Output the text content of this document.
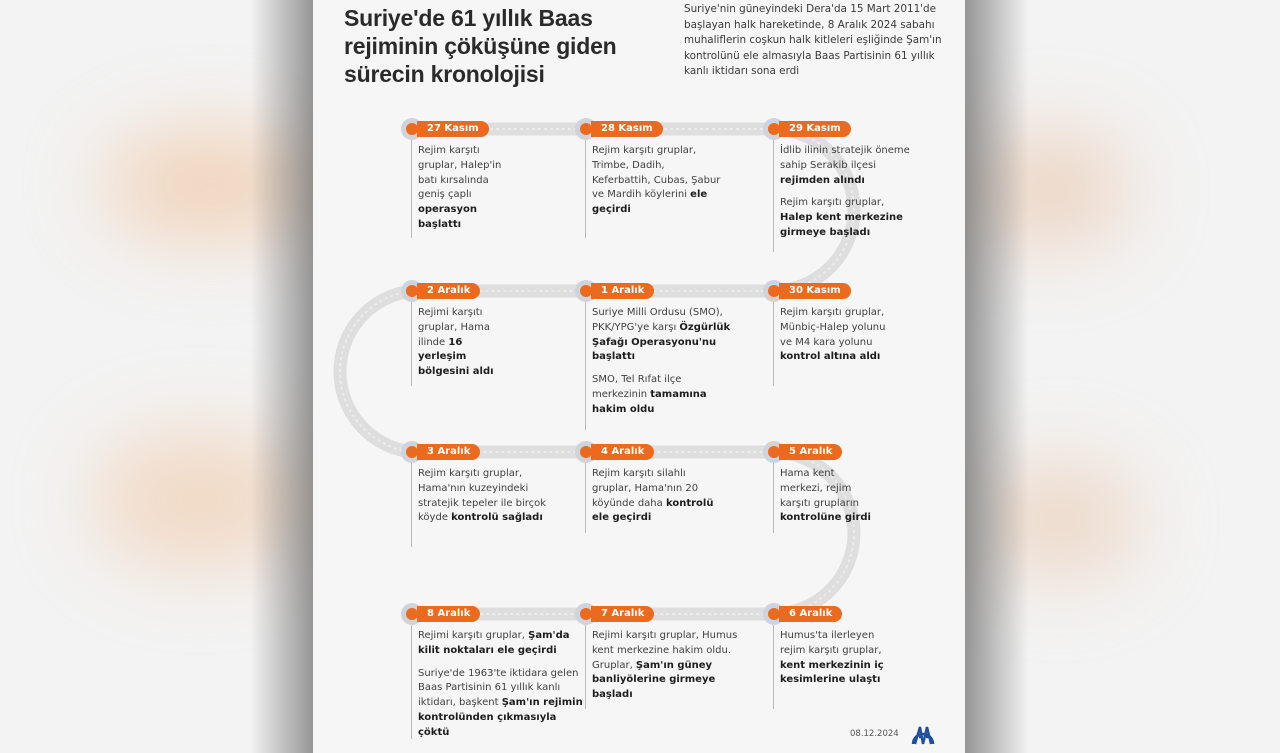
Suriye'de 61 yıllık Baas rejiminin çöküşüne giden sürecin kronolojisi
Suriye'nin güneyindeki Dera'da 15 Mart 2011'de başlayan halk hareketinde, 8 Aralık 2024 sabahı muhaliflerin coşkun halk kitleleri eşliğinde Şam'ın kontrolünü ele almasıyla Baas Partisinin 61 yıllık kanlı iktidarı sona erdi
27 Kasım

Rejim karşıtı gruplar, Halep'in batı kırsalında geniş çaplı operasyon başlattı

28 Kasım

Rejim karşıtı gruplar, Trimbe, Dadih, Keferbattih, Cubas, Şabur ve Mardih köylerini ele geçirdi

29 Kasım

İdlib ilinin stratejik öneme sahip Serakib ilçesi rejimden alındı

Rejim karşıtı gruplar, Halep kent merkezine girmeye başladı

30 Kasım

Rejim karşıtı gruplar, Münbiç-Halep yolunu ve M4 kara yolunu kontrol altına aldı

1 Aralık

Suriye Milli Ordusu (SMO), PKK/YPG'ye karşı Özgürlük Şafağı Operasyonu'nu başlattı

SMO, Tel Rıfat ilçe merkezinin tamamına hakim oldu

2 Aralık

Rejimi karşıtı gruplar, Hama ilinde 16 yerleşim bölgesini aldı

3 Aralık

Rejim karşıtı gruplar, Hama'nın kuzeyindeki stratejik tepeler ile birçok köyde kontrolü sağladı

4 Aralık

Rejim karşıtı silahlı gruplar, Hama'nın 20 köyünde daha kontrolü ele geçirdi

5 Aralık

Hama kent merkezi, rejim karşıtı grupların kontrolüne girdi

6 Aralık

Humus'ta ilerleyen rejim karşıtı gruplar, kent merkezinin iç kesimlerine ulaştı

7 Aralık

Rejimi karşıtı gruplar, Humus kent merkezine hakim oldu. Gruplar, Şam'ın güney banliyölerine girmeye başladı

8 Aralık

Rejimi karşıtı gruplar, Şam'da kilit noktaları ele geçirdi

Suriye'de 1963'te iktidara gelen Baas Partisinin 61 yıllık kanlı iktidarı, başkent Şam'ın rejimin kontrolünden çıkmasıyla çöktü	08.12.2024
